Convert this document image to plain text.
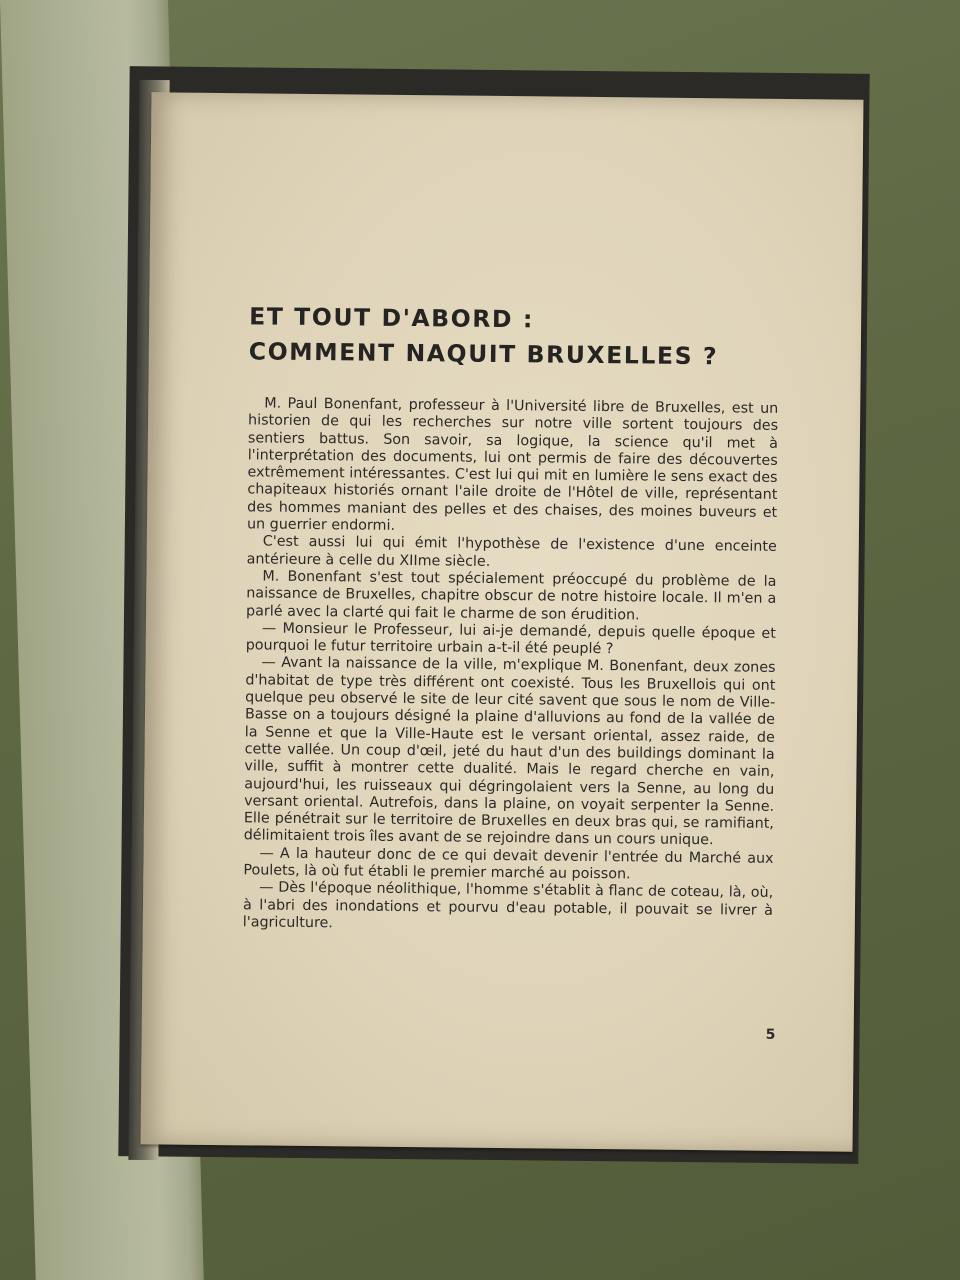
ET TOUT D'ABORD :
COMMENT NAQUIT BRUXELLES ?

M. Paul Bonenfant, professeur à l'Université libre de Bruxelles, est un historien de qui les recherches sur notre ville sortent toujours des sentiers battus. Son savoir, sa logique, la science qu'il met à l'interprétation des documents, lui ont permis de faire des découvertes extrêmement intéressantes. C'est lui qui mit en lumière le sens exact des chapiteaux historiés ornant l'aile droite de l'Hôtel de ville, représentant des hommes maniant des pelles et des chaises, des moines buveurs et un guerrier endormi.

C'est aussi lui qui émit l'hypothèse de l'existence d'une enceinte antérieure à celle du XIIme siècle.

M. Bonenfant s'est tout spécialement préoccupé du problème de la naissance de Bruxelles, chapitre obscur de notre histoire locale. Il m'en a parlé avec la clarté qui fait le charme de son érudition.

— Monsieur le Professeur, lui ai-je demandé, depuis quelle époque et pourquoi le futur territoire urbain a-t-il été peuplé ?

— Avant la naissance de la ville, m'explique M. Bonenfant, deux zones d'habitat de type très différent ont coexisté. Tous les Bruxellois qui ont quelque peu observé le site de leur cité savent que sous le nom de Ville-Basse on a toujours désigné la plaine d'alluvions au fond de la vallée de la Senne et que la Ville-Haute est le versant oriental, assez raide, de cette vallée. Un coup d'œil, jeté du haut d'un des buildings dominant la ville, suffit à montrer cette dualité. Mais le regard cherche en vain, aujourd'hui, les ruisseaux qui dégringolaient vers la Senne, au long du versant oriental. Autrefois, dans la plaine, on voyait serpenter la Senne. Elle pénétrait sur le territoire de Bruxelles en deux bras qui, se ramifiant, délimitaient trois îles avant de se rejoindre dans un cours unique.

— A la hauteur donc de ce qui devait devenir l'entrée du Marché aux Poulets, là où fut établi le premier marché au poisson.

— Dès l'époque néolithique, l'homme s'établit à flanc de coteau, là, où, à l'abri des inondations et pourvu d'eau potable, il pouvait se livrer à l'agriculture.

5
